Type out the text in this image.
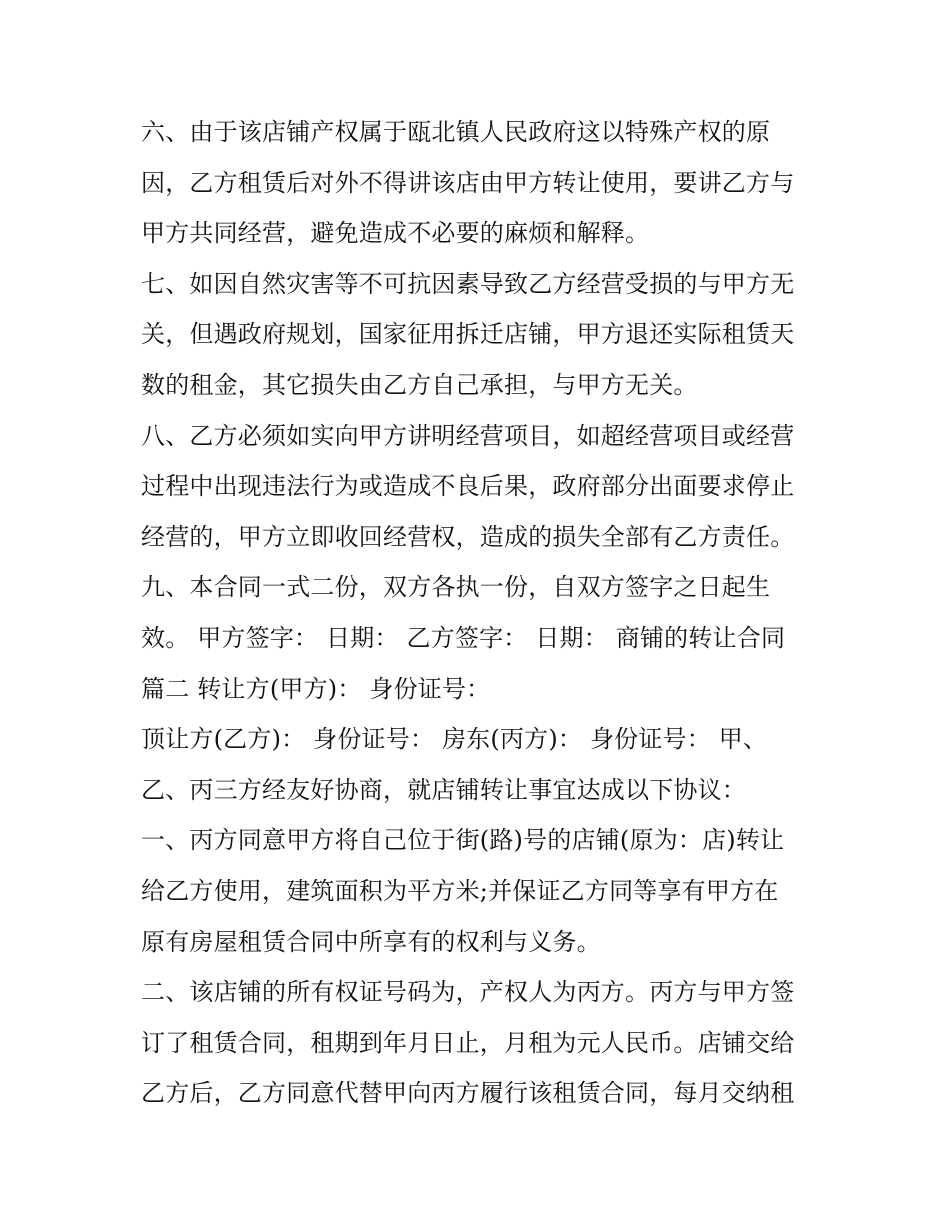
六、由于该店铺产权属于瓯北镇人民政府这以特殊产权的原
因，乙方租赁后对外不得讲该店由甲方转让使用，要讲乙方与
甲方共同经营，避免造成不必要的麻烦和解释。
七、如因自然灾害等不可抗因素导致乙方经营受损的与甲方无
关，但遇政府规划，国家征用拆迁店铺，甲方退还实际租赁天
数的租金，其它损失由乙方自己承担，与甲方无关。
八、乙方必须如实向甲方讲明经营项目，如超经营项目或经营
过程中出现违法行为或造成不良后果，政府部分出面要求停止
经营的，甲方立即收回经营权，造成的损失全部有乙方责任。
九、本合同一式二份，双方各执一份，自双方签字之日起生
效。 甲方签字： 日期： 乙方签字： 日期： 商铺的转让合同
篇二 转让方(甲方)： 身份证号：
顶让方(乙方)： 身份证号： 房东(丙方)： 身份证号： 甲、
乙、丙三方经友好协商，就店铺转让事宜达成以下协议：
一、丙方同意甲方将自己位于街(路)号的店铺(原为：店)转让
给乙方使用，建筑面积为平方米;并保证乙方同等享有甲方在
原有房屋租赁合同中所享有的权利与义务。
二、该店铺的所有权证号码为，产权人为丙方。丙方与甲方签
订了租赁合同，租期到年月日止，月租为元人民币。店铺交给
乙方后，乙方同意代替甲向丙方履行该租赁合同，每月交纳租
